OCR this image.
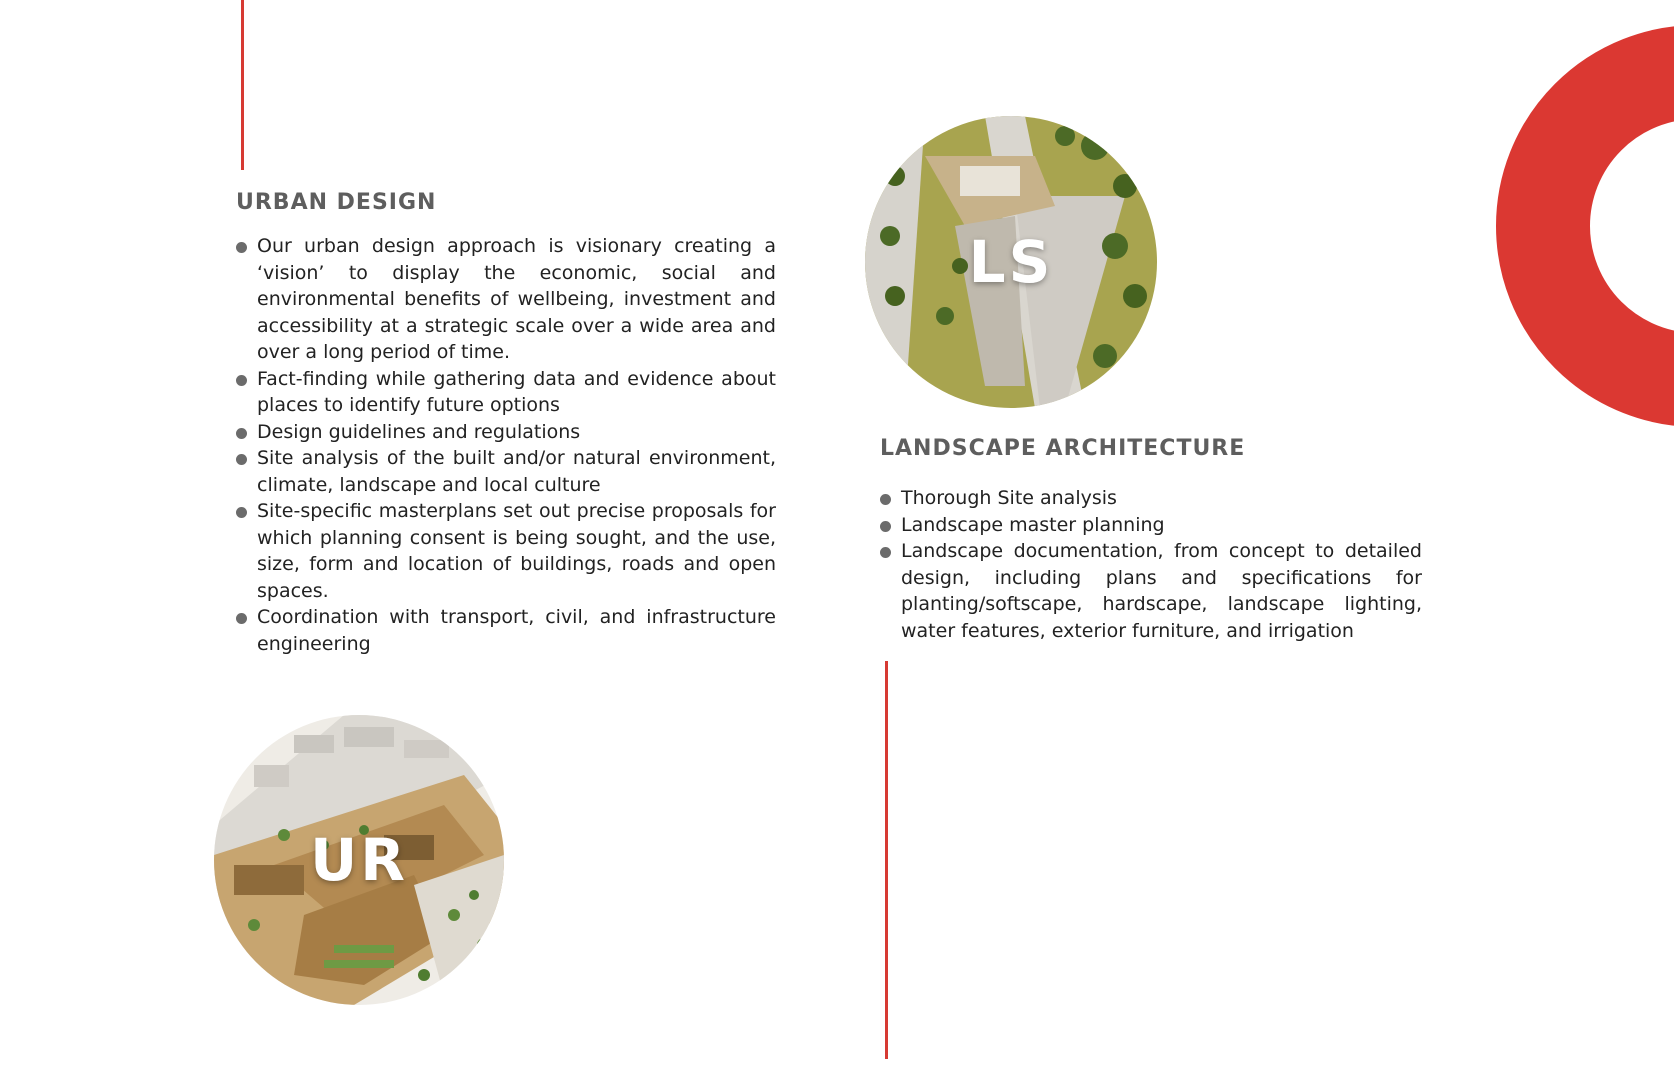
URBAN DESIGN
Our urban design approach is visionary creating a ‘vision’ to display the economic, social and environmental benefits of wellbeing, investment and accessibility at a strategic scale over a wide area and over a long period of time.
Fact-finding while gathering data and evidence about places to identify future options
Design guidelines and regulations
Site analysis of the built and/or natural environment, climate, landscape and local culture
Site-specific masterplans set out precise proposals for which planning consent is being sought, and the use, size, form and location of buildings, roads and open spaces.
Coordination with transport, civil, and infrastructure engineering
UR
LS
LANDSCAPE ARCHITECTURE
Thorough Site analysis
Landscape master planning
Landscape documentation, from concept to detailed design, including plans and specifications for planting/softscape, hardscape, landscape lighting, water features, exterior furniture, and irrigation
